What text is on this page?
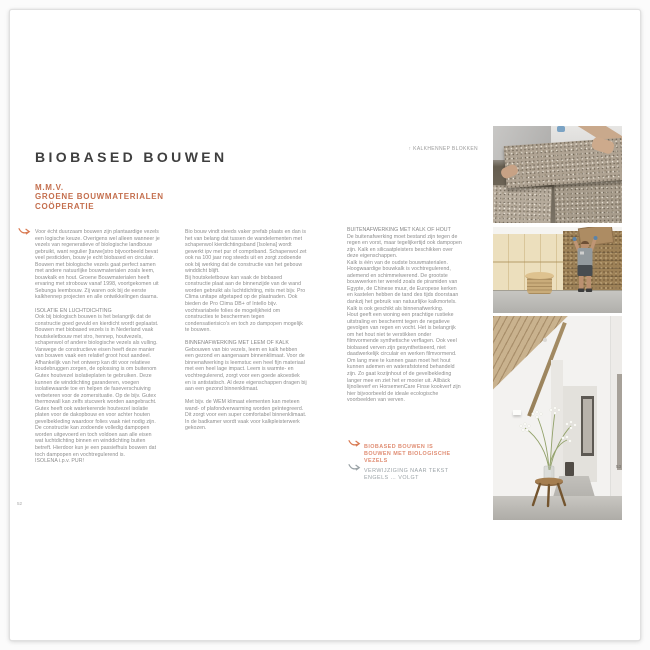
BIOBASED BOUWEN	↑ KALKHENNEP BLOKKEN
M.M.V.
GROENE BOUWMATERIALEN
COÖPERATIE
Voor écht duurzaam bouwen zijn plantaardige vezels een logische keuze. Overigens wel alleen wanneer je vezels van regeneratieve of biologische landbouw gebruikt, want regulier [tarwe]stro bijvoorbeeld bevat veel pesticiden, bouw je echt biobased en circulair.
Bouwen met biologische vezels gaat perfect samen met andere natuurlijke bouwmaterialen zoals leem, bouwkalk en hout. Groene Bouwmaterialen heeft ervaring met strobouw vanaf 1998, voortgekomen uit Sebunga leembouw. Zij waren ook bij de eerste kalkhennep projecten en alle ontwikkelingen daarna.
ISOLATIE EN LUCHTDICHTING
Ook bij biologisch bouwen is het belangrijk dat de constructie goed gevuld en kierdicht wordt geplaatst. Bouwen met biobased vezels is in Nederland vaak houtskeletbouw met stro, hennep, houtvezels, schapenwol of andere biologische vezels als vulling. Vanwege de constructieve eisen heeft deze manier van bouwen vaak een relatief groot hout aandeel. Afhankelijk van het ontwerp kan dit voor relatieve koudebruggen zorgen, de oplossing is om buitenom Gutex houtvezel isolatieplaten te gebruiken. Deze kunnen de winddichting garanderen, voegen isolatiewaarde toe en helpen de faseverschuiving verbeteren voor de zomersituatie. Op de bijv. Gutex thermowall kan zelfs stucwerk worden aangebracht. Gutex heeft ook waterkerende houtvezel isolatie platen voor de dakopbouw en voor achter houten gevelbekleding waardoor folies vaak niet nodig zijn. De constructie kan zodoende volledig dampopen worden uitgevoerd en toch voldoen aan alle eisen wat luchtdichting binnen en winddichting buiten betreft. Hierdoor kun je een passiefhuis bouwen dat toch dampopen en vochtregulerend is.
ISOLENA i.p.v. PUR!
Bio bouw vindt steeds vaker prefab plaats en dan is het van belang dat tussen de wandelementen met schapenwol kierdichtingsband [Isolena] wordt gewerkt ipv met pur of compriband. Schapenwol zet ook na 100 jaar nog steeds uit en zorgt zodoende ook bij werking dat de constructie van het gebouw winddicht blijft.
Bij houtskeletbouw kan vaak de biobased constructie plaat aan de binnenzijde van de wand worden gebruikt als luchtdichting, mits met bijv. Pro Clima unitape afgetaped op de plaatnaden. Ook bieden de Pro Clima DB+ of Intello bijv. vochtvariabele folies de mogelijkheid om constructies te beschermen tegen condensatierisico's en toch zo dampopen mogelijk te bouwen.
BINNENAFWERKING MET LEEM OF KALK
Gebouwen van bio vezels, leem en kalk hebben een gezond en aangenaam binnenklimaat. Voor de binnenafwerking is leemstuc een heel fijn materiaal met een heel lage impact. Leem is warmte- en vochtregulerend, zorgt voor een goede akoestiek en is antistatisch. Al deze eigenschappen dragen bij aan een gezond binnenklimaat.
Met bijv. de WEM klimaat elementen kan meteen wand- of plafondverwarming worden geïntegreerd. Dit zorgt voor een super comfortabel binnenklimaat. In de badkamer wordt vaak voor kalkpleisterwerk gekozen.
BUITENAFWERKING MET KALK OF HOUT
De buitenafwerking moet bestand zijn tegen de regen en vorst, maar tegelijkertijd ook dampopen zijn. Kalk en silicaatpleisters beschikken over deze eigenschappen.
Kalk is één van de oudste bouwmaterialen. Hoogwaardige bouwkalk is vochtregulerend, ademend en schimmelwerend. De grootste bouwwerken ter wereld zoals de piramiden van Egypte, de Chinese muur, de Europese kerken en kastelen hebben de tand des tijds doorstaan dankzij het gebruik van natuurlijke kalkmortels. Kalk is ook geschikt als binnenafwerking.
Hout geeft een woning een prachtige rustieke uitstraling en beschermt tegen de negatieve gevolgen van regen en vocht. Het is belangrijk om het hout niet te verstikken onder filmvormende synthetische verflagen. Ook veel biobased verven zijn gesynthetiseerd, niet daadwerkelijk circulair en werken filmvormend. Om lang mee te kunnen gaan moet het hout kunnen ademen en waterafstotend behandeld zijn. Zo gaat kozijnhout of de gevelbekleding langer mee en ziet het er mooier uit. Allbäck lijnolieverf en HorsemenCare Finse kookverf zijn hier bijvoorbeeld de ideale ecologische voorbeelden van verven.
BIOBASED BOUWEN IS BOUWEN MET BIOLOGISCHE VEZELS
VERWIJZIGING NAAR TEKST ENGELS … VOLGT
52
53
